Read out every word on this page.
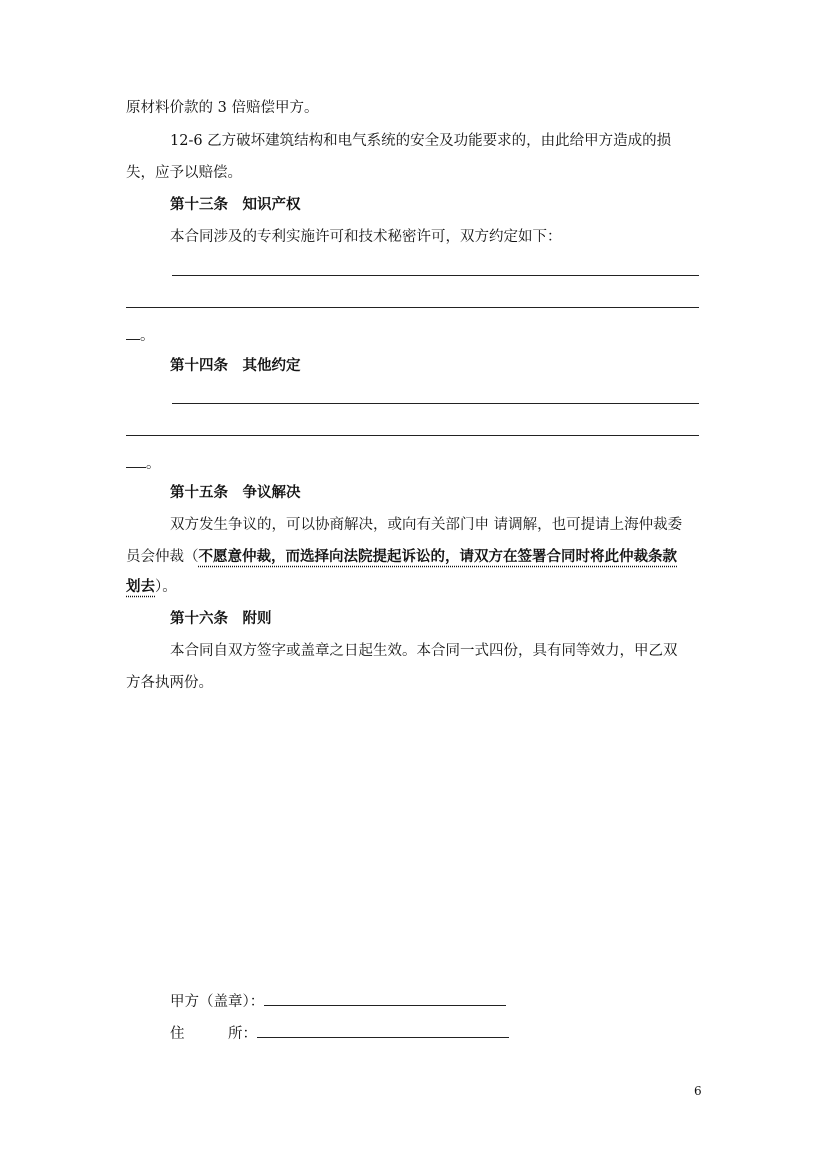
原材料价款的 3 倍赔偿甲方。
12-6 乙方破坏建筑结构和电气系统的安全及功能要求的，由此给甲方造成的损
失，应予以赔偿。
第十三条　知识产权
本合同涉及的专利实施许可和技术秘密许可，双方约定如下：
。
第十四条　其他约定
。
第十五条　争议解决
双方发生争议的，可以协商解决，或向有关部门申 请调解，也可提请上海仲裁委
员会仲裁（不愿意仲裁，而选择向法院提起诉讼的，请双方在签署合同时将此仲裁条款
划去）。
第十六条　附则
本合同自双方签字或盖章之日起生效。本合同一式四份，具有同等效力，甲乙双
方各执两份。
甲方（盖章）：
住　　　所：
6
